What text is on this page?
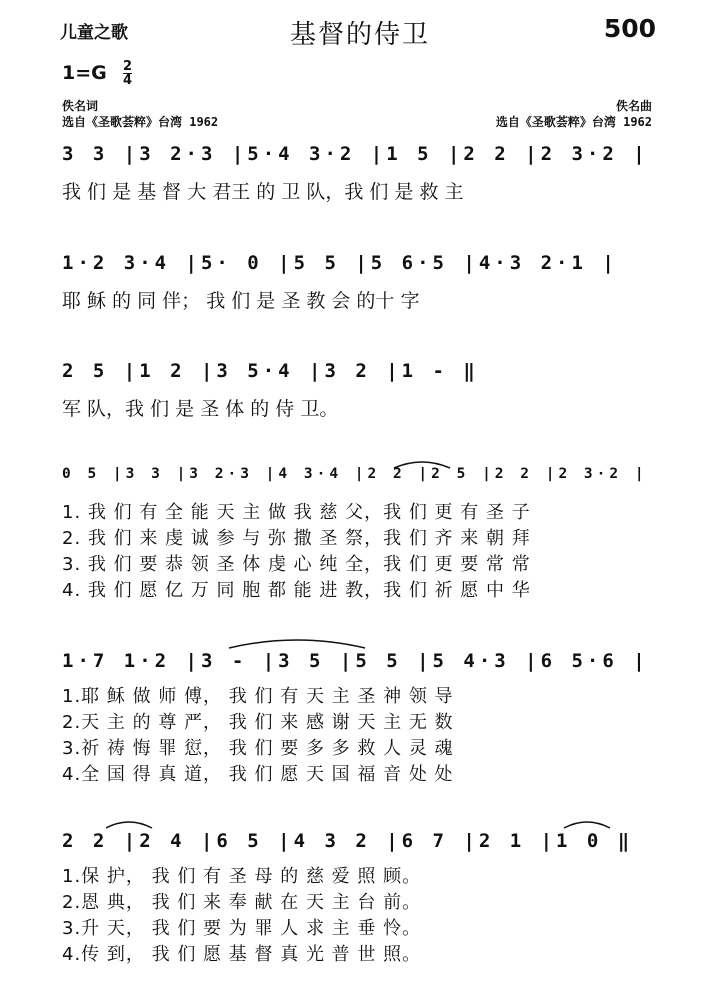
儿童之歌	基督的侍卫	500
1=G 2
4
佚名词
选自《圣歌荟粹》台湾 1962
佚名曲
选自《圣歌荟粹》台湾 1962
3 3 |3 2·3 |5·4 3·2 |1 5 |2 2 |2 3·2 |
我 们 是 基 督 大 君王 的 卫 队，我 们 是 救 主
1·2 3·4 |5· 0 |5 5 |5 6·5 |4·3 2·1 |
耶 稣 的 同 伴； 我 们 是 圣 教 会 的十 字
2 5 |1 2 |3 5·4 |3 2 |1 - ‖
军 队，我 们 是 圣 体 的 侍 卫。
0 5 |3 3 |3 2·3 |4 3·4 |2 2 |2 5 |2 2 |2 3·2 |
1. 我 们 有 全 能 天 主 做 我 慈 父，我 们 更 有 圣 子
2. 我 们 来 虔 诚 参 与 弥 撒 圣 祭，我 们 齐 来 朝 拜
3. 我 们 要 恭 领 圣 体 虔 心 纯 全，我 们 更 要 常 常
4. 我 们 愿 亿 万 同 胞 都 能 进 教，我 们 祈 愿 中 华
1·7 1·2 |3 - |3 5 |5 5 |5 4·3 |6 5·6 |
1.耶 稣 做 师 傅， 我 们 有 天 主 圣 神 领 导
2.天 主 的 尊 严， 我 们 来 感 谢 天 主 无 数
3.祈 祷 悔 罪 愆， 我 们 要 多 多 救 人 灵 魂
4.全 国 得 真 道， 我 们 愿 天 国 福 音 处 处
2 2 |2 4 |6 5 |4 3 2 |6 7 |2 1 |1 0 ‖
1.保 护， 我 们 有 圣 母 的 慈 爱 照 顾。
2.恩 典， 我 们 来 奉 献 在 天 主 台 前。
3.升 天， 我 们 要 为 罪 人 求 主 垂 怜。
4.传 到， 我 们 愿 基 督 真 光 普 世 照。
